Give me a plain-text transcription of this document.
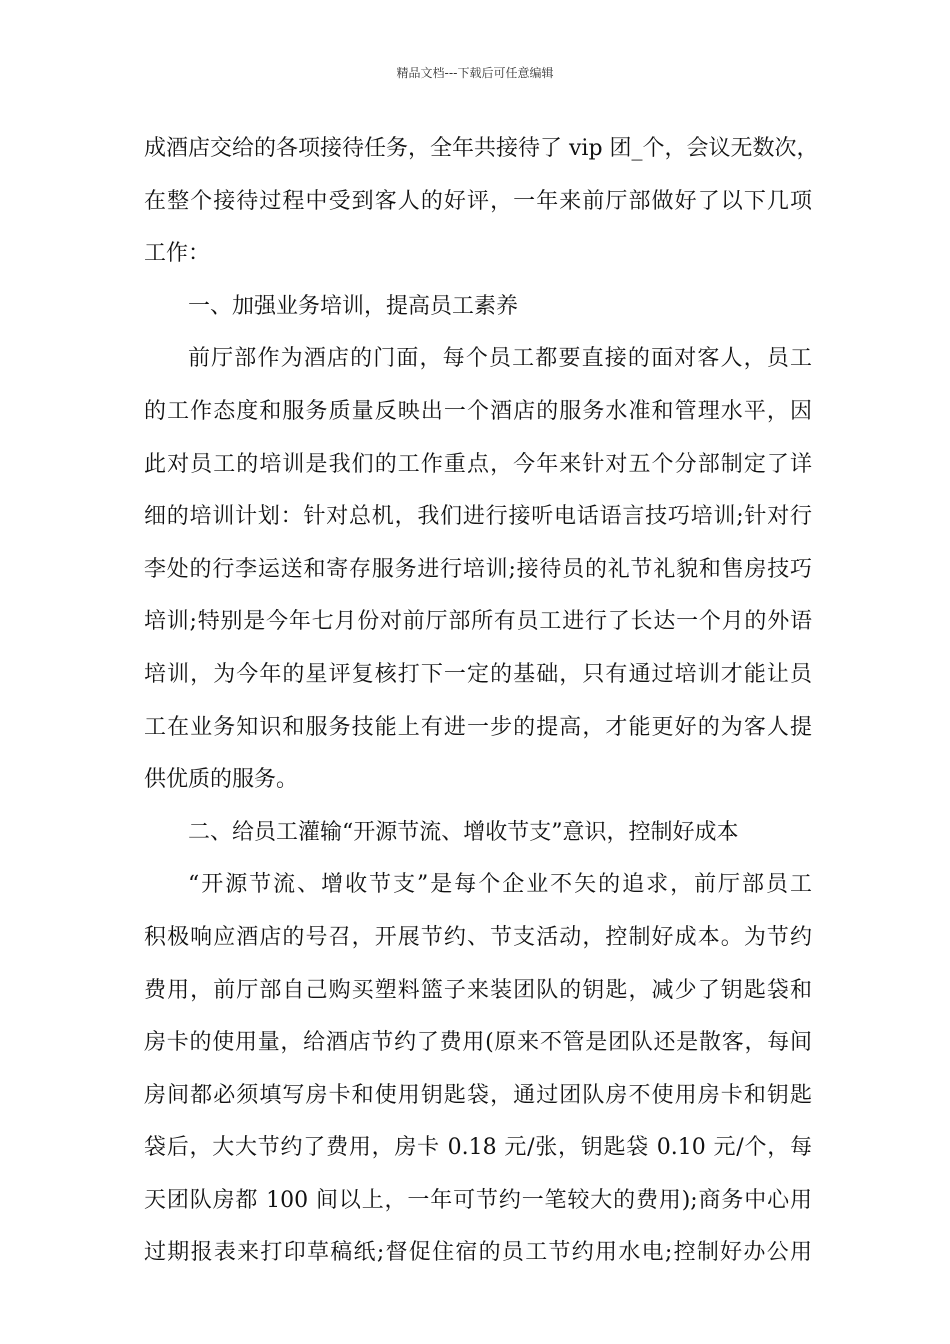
精品文档---下载后可任意编辑
成酒店交给的各项接待任务，全年共接待了 vip 团_个，会议无数次，
在整个接待过程中受到客人的好评，一年来前厅部做好了以下几项
工作：
一、加强业务培训，提高员工素养
前厅部作为酒店的门面，每个员工都要直接的面对客人，员工
的工作态度和服务质量反映出一个酒店的服务水准和管理水平，因
此对员工的培训是我们的工作重点，今年来针对五个分部制定了详
细的培训计划：针对总机，我们进行接听电话语言技巧培训;针对行
李处的行李运送和寄存服务进行培训;接待员的礼节礼貌和售房技巧
培训;特别是今年七月份对前厅部所有员工进行了长达一个月的外语
培训，为今年的星评复核打下一定的基础，只有通过培训才能让员
工在业务知识和服务技能上有进一步的提高，才能更好的为客人提
供优质的服务。
二、给员工灌输“开源节流、增收节支”意识，控制好成本
“开源节流、增收节支”是每个企业不矢的追求，前厅部员工
积极响应酒店的号召，开展节约、节支活动，控制好成本。为节约
费用，前厅部自己购买塑料篮子来装团队的钥匙，减少了钥匙袋和
房卡的使用量，给酒店节约了费用(原来不管是团队还是散客，每间
房间都必须填写房卡和使用钥匙袋，通过团队房不使用房卡和钥匙
袋后，大大节约了费用，房卡 0.18 元/张，钥匙袋 0.10 元/个，每
天团队房都 100 间以上，一年可节约一笔较大的费用);商务中心用
过期报表来打印草稿纸;督促住宿的员工节约用水电;控制好办公用
